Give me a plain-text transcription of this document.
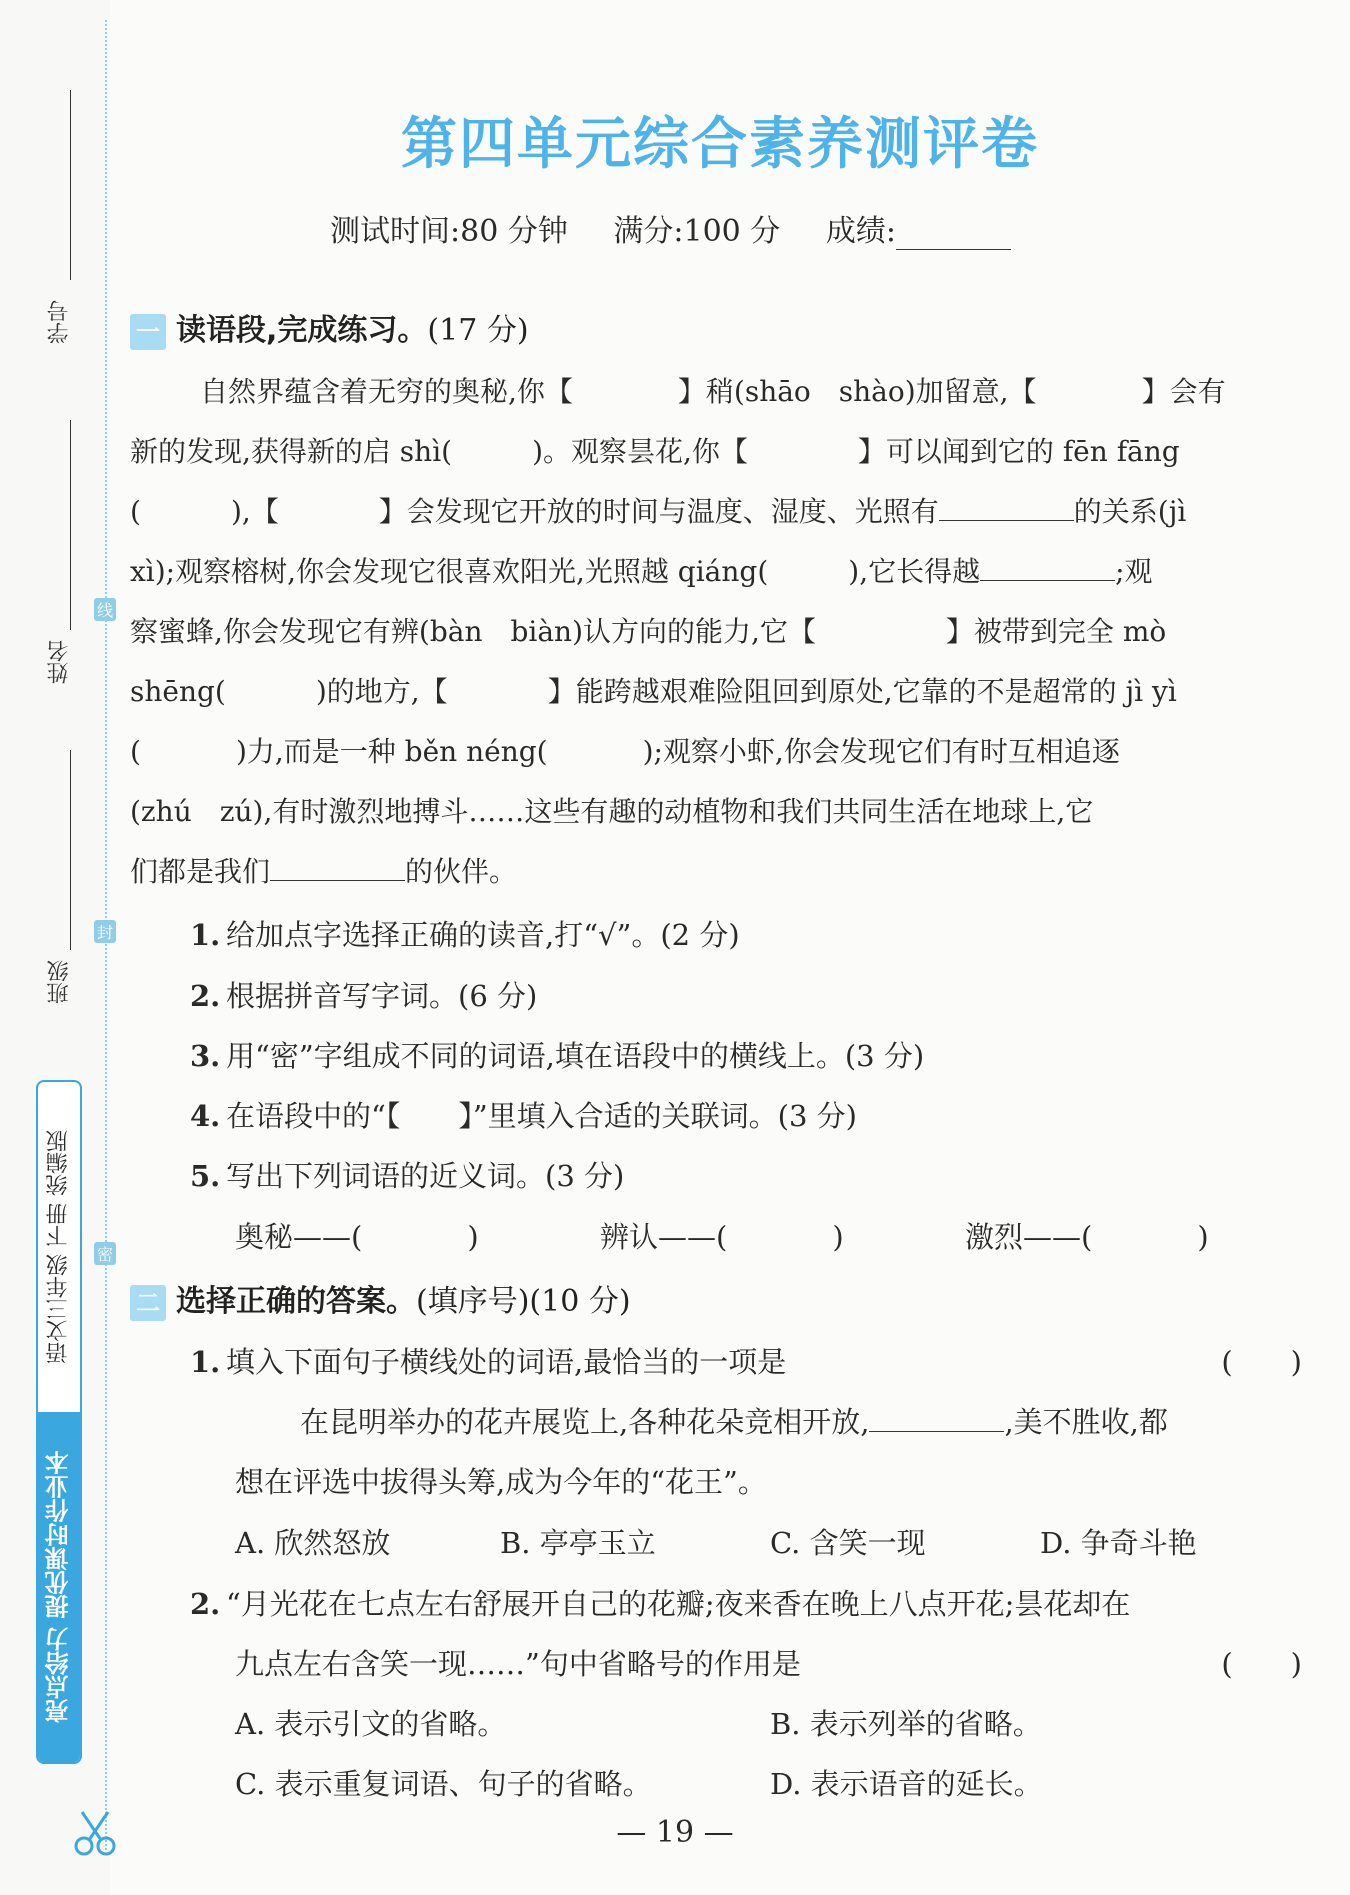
学号
姓名
班级
线
封
密
语文三年级 下册 统编版
亮点给力 提优课时作业本
第四单元综合素养测评卷
测试时间:80 分钟 满分:100 分 成绩:
一 读语段,完成练习。(17 分)
自然界蕴含着无穷的奥秘,你【	】稍(shāo　shào)加留意,【	】会有
新的发现,获得新的启 shì(	)。观察昙花,你【	】可以闻到它的 fēn fāng
(	),【	】会发现它开放的时间与温度、湿度、光照有	的关系(jì
xì);观察榕树,你会发现它很喜欢阳光,光照越 qiáng(	),它长得越	;观
察蜜蜂,你会发现它有辨(bàn　biàn)认方向的能力,它【	】被带到完全 mò
shēng(	)的地方,【	】能跨越艰难险阻回到原处,它靠的不是超常的 jì yì
(	)力,而是一种 běn néng(	);观察小虾,你会发现它们有时互相追逐
(zhú　zú),有时激烈地搏斗……这些有趣的动植物和我们共同生活在地球上,它
们都是我们	的伙伴。
1. 给加点字选择正确的读音,打“√”。(2 分)
2. 根据拼音写字词。(6 分)
3. 用“密”字组成不同的词语,填在语段中的横线上。(3 分)
4. 在语段中的“【　　】”里填入合适的关联词。(3 分)
5. 写出下列词语的近义词。(3 分)
奥秘——(	)	辨认——(	)	激烈——(	)
二 选择正确的答案。(填序号)(10 分)
1. 填入下面句子横线处的词语,最恰当的一项是	(　　)
在昆明举办的花卉展览上,各种花朵竞相开放,	,美不胜收,都
想在评选中拔得头筹,成为今年的“花王”。
A. 欣然怒放	B. 亭亭玉立	C. 含笑一现	D. 争奇斗艳
2. “月光花在七点左右舒展开自己的花瓣;夜来香在晚上八点开花;昙花却在
九点左右含笑一现……”句中省略号的作用是	(　　)
A. 表示引文的省略。	B. 表示列举的省略。
C. 表示重复词语、句子的省略。	D. 表示语音的延长。
— 19 —
